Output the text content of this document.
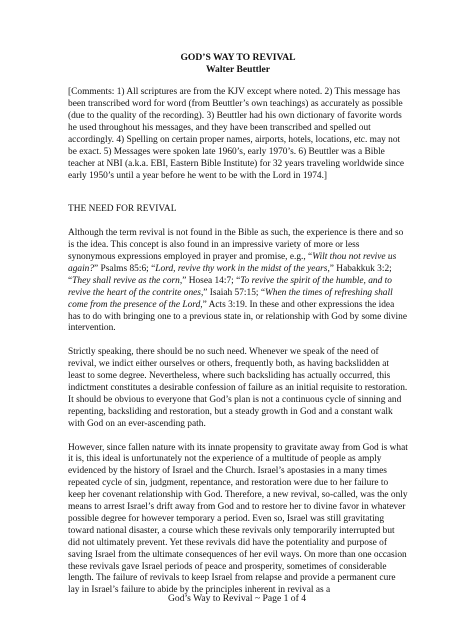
GOD’S WAY TO REVIVAL

Walter Beuttler

[Comments: 1) All scriptures are from the KJV except where noted. 2) This message has been transcribed word for word (from Beuttler’s own teachings) as accurately as possible (due to the quality of the recording). 3) Beuttler had his own dictionary of favorite words he used throughout his messages, and they have been transcribed and spelled out accordingly. 4) Spelling on certain proper names, airports, hotels, locations, etc. may not be exact. 5) Messages were spoken late 1960’s, early 1970’s. 6) Beuttler was a Bible teacher at NBI (a.k.a. EBI, Eastern Bible Institute) for 32 years traveling worldwide since early 1950’s until a year before he went to be with the Lord in 1974.]

THE NEED FOR REVIVAL

Although the term revival is not found in the Bible as such, the experience is there and so is the idea. This concept is also found in an impressive variety of more or less synonymous expressions employed in prayer and promise, e.g., “Wilt thou not revive us again?” Psalms 85:6; “Lord, revive thy work in the midst of the years,” Habakkuk 3:2; “They shall revive as the corn,” Hosea 14:7; “To revive the spirit of the humble, and to revive the heart of the contrite ones,” Isaiah 57:15; “When the times of refreshing shall come from the presence of the Lord,” Acts 3:19. In these and other expressions the idea has to do with bringing one to a previous state in, or relationship with God by some divine intervention.

Strictly speaking, there should be no such need. Whenever we speak of the need of revival, we indict either ourselves or others, frequently both, as having backslidden at least to some degree. Nevertheless, where such backsliding has actually occurred, this indictment constitutes a desirable confession of failure as an initial requisite to restoration. It should be obvious to everyone that God’s plan is not a continuous cycle of sinning and repenting, backsliding and restoration, but a steady growth in God and a constant walk with God on an ever-ascending path.

However, since fallen nature with its innate propensity to gravitate away from God is what it is, this ideal is unfortunately not the experience of a multitude of people as amply evidenced by the history of Israel and the Church. Israel’s apostasies in a many times repeated cycle of sin, judgment, repentance, and restoration were due to her failure to keep her covenant relationship with God. Therefore, a new revival, so-called, was the only means to arrest Israel’s drift away from God and to restore her to divine favor in whatever possible degree for however temporary a period. Even so, Israel was still gravitating toward national disaster, a course which these revivals only temporarily interrupted but did not ultimately prevent. Yet these revivals did have the potentiality and purpose of saving Israel from the ultimate consequences of her evil ways. On more than one occasion these revivals gave Israel periods of peace and prosperity, sometimes of considerable length. The failure of revivals to keep Israel from relapse and provide a permanent cure lay in Israel’s failure to abide by the principles inherent in revival as a

God’s Way to Revival ~ Page 1 of 4
